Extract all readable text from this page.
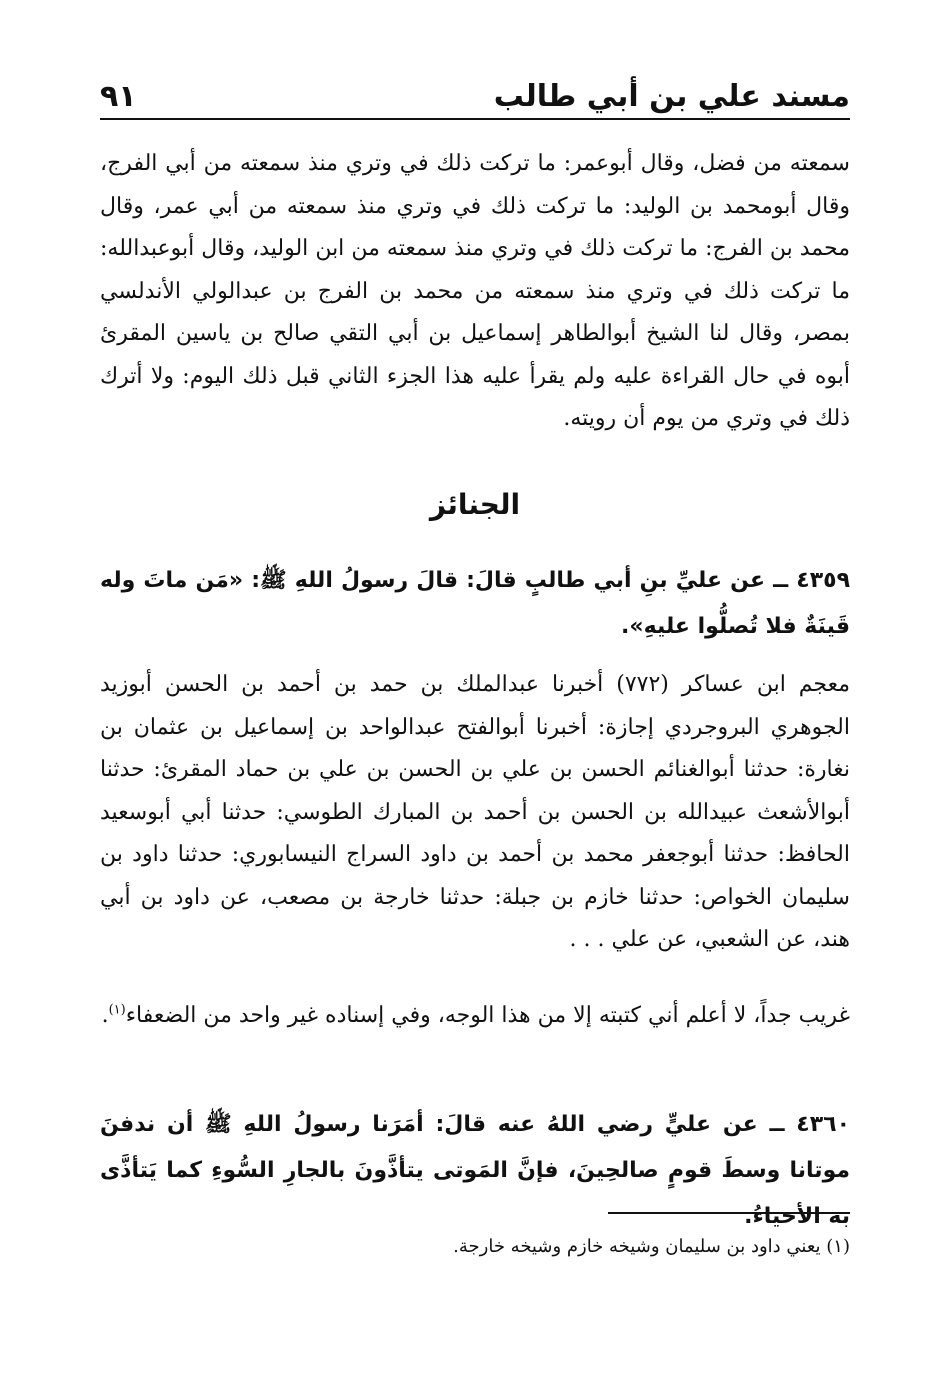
مسند علي بن أبي طالب
٩١
سمعته من فضل، وقال أبوعمر: ما تركت ذلك في وتري منذ سمعته من أبي الفرج، وقال أبومحمد بن الوليد: ما تركت ذلك في وتري منذ سمعته من أبي عمر، وقال محمد بن الفرج: ما تركت ذلك في وتري منذ سمعته من ابن الوليد، وقال أبوعبدالله: ما تركت ذلك في وتري منذ سمعته من محمد بن الفرج بن عبدالولي الأندلسي بمصر، وقال لنا الشيخ أبوالطاهر إسماعيل بن أبي التقي صالح بن ياسين المقرئ أبوه في حال القراءة عليه ولم يقرأ عليه هذا الجزء الثاني قبل ذلك اليوم: ولا أترك ذلك في وتري من يوم أن رويته.
الجنائز
٤٣٥٩ ــ عن عليِّ بنِ أبي طالبٍ قالَ: قالَ رسولُ اللهِ ﷺ: «مَن ماتَ وله قَينَةٌ فلا تُصلُّوا عليهِ».
معجم ابن عساكر (٧٧٢) أخبرنا عبدالملك بن حمد بن أحمد بن الحسن أبوزيد الجوهري البروجردي إجازة: أخبرنا أبوالفتح عبدالواحد بن إسماعيل بن عثمان بن نغارة: حدثنا أبوالغنائم الحسن بن علي بن الحسن بن علي بن حماد المقرئ: حدثنا أبوالأشعث عبيدالله بن الحسن بن أحمد بن المبارك الطوسي: حدثنا أبي أبوسعيد الحافظ: حدثنا أبوجعفر محمد بن أحمد بن داود السراج النيسابوري: حدثنا داود بن سليمان الخواص: حدثنا خازم بن جبلة: حدثنا خارجة بن مصعب، عن داود بن أبي هند، عن الشعبي، عن علي . . .
غريب جداً، لا أعلم أني كتبته إلا من هذا الوجه، وفي إسناده غير واحد من الضعفاء$^{(١)}$.
٤٣٦٠ ــ عن عليٍّ رضي اللهُ عنه قالَ: أمَرَنا رسولُ اللهِ ﷺ أن ندفنَ موتانا وسطَ قومٍ صالحِينَ، فإنَّ المَوتى يتأذَّونَ بالجارِ السُّوءِ كما يَتأذَّى به الأحياءُ.
(١) يعني داود بن سليمان وشيخه خازم وشيخه خارجة.
